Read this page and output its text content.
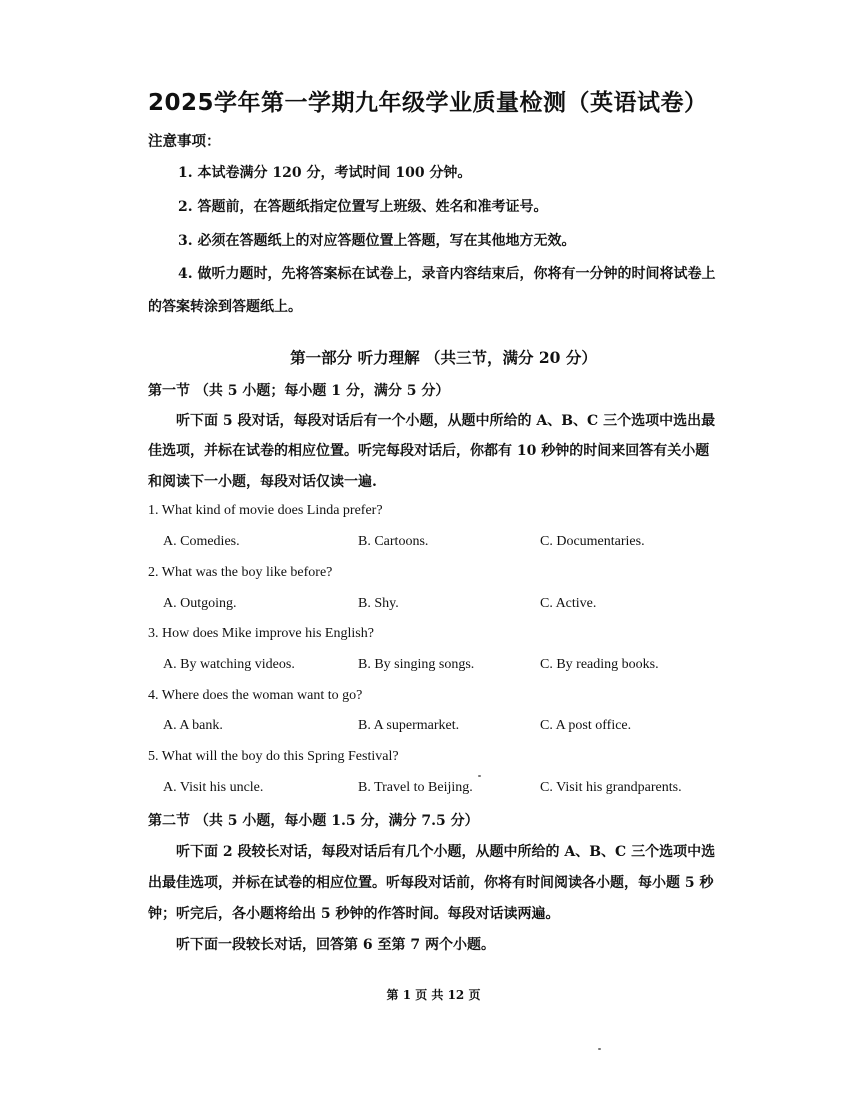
2025学年第一学期九年级学业质量检测（英语试卷）
注意事项：
1. 本试卷满分 120 分，考试时间 100 分钟。
2. 答题前，在答题纸指定位置写上班级、姓名和准考证号。
3. 必须在答题纸上的对应答题位置上答题，写在其他地方无效。
4. 做听力题时，先将答案标在试卷上，录音内容结束后，你将有一分钟的时间将试卷上
的答案转涂到答题纸上。
第一部分 听力理解 （共三节，满分 20 分）
第一节 （共 5 小题；每小题 1 分，满分 5 分）
听下面 5 段对话，每段对话后有一个小题，从题中所给的 A、B、C 三个选项中选出最
佳选项，并标在试卷的相应位置。听完每段对话后，你都有 10 秒钟的时间来回答有关小题
和阅读下一小题，每段对话仅读一遍.
1. What kind of movie does Linda prefer?
A. Comedies.	B. Cartoons.	C. Documentaries.
2. What was the boy like before?
A. Outgoing.	B. Shy.	C. Active.
3. How does Mike improve his English?
A. By watching videos.	B. By singing songs.	C. By reading books.
4. Where does the woman want to go?
A. A bank.	B. A supermarket.	C. A post office.
5. What will the boy do this Spring Festival?
A. Visit his uncle.	B. Travel to Beijing.	C. Visit his grandparents.
第二节 （共 5 小题，每小题 1.5 分，满分 7.5 分）
听下面 2 段较长对话，每段对话后有几个小题，从题中所给的 A、B、C 三个选项中选
出最佳选项，并标在试卷的相应位置。听每段对话前，你将有时间阅读各小题，每小题 5 秒
钟；听完后，各小题将给出 5 秒钟的作答时间。每段对话读两遍。
听下面一段较长对话，回答第 6 至第 7 两个小题。
第 1 页 共 12 页
